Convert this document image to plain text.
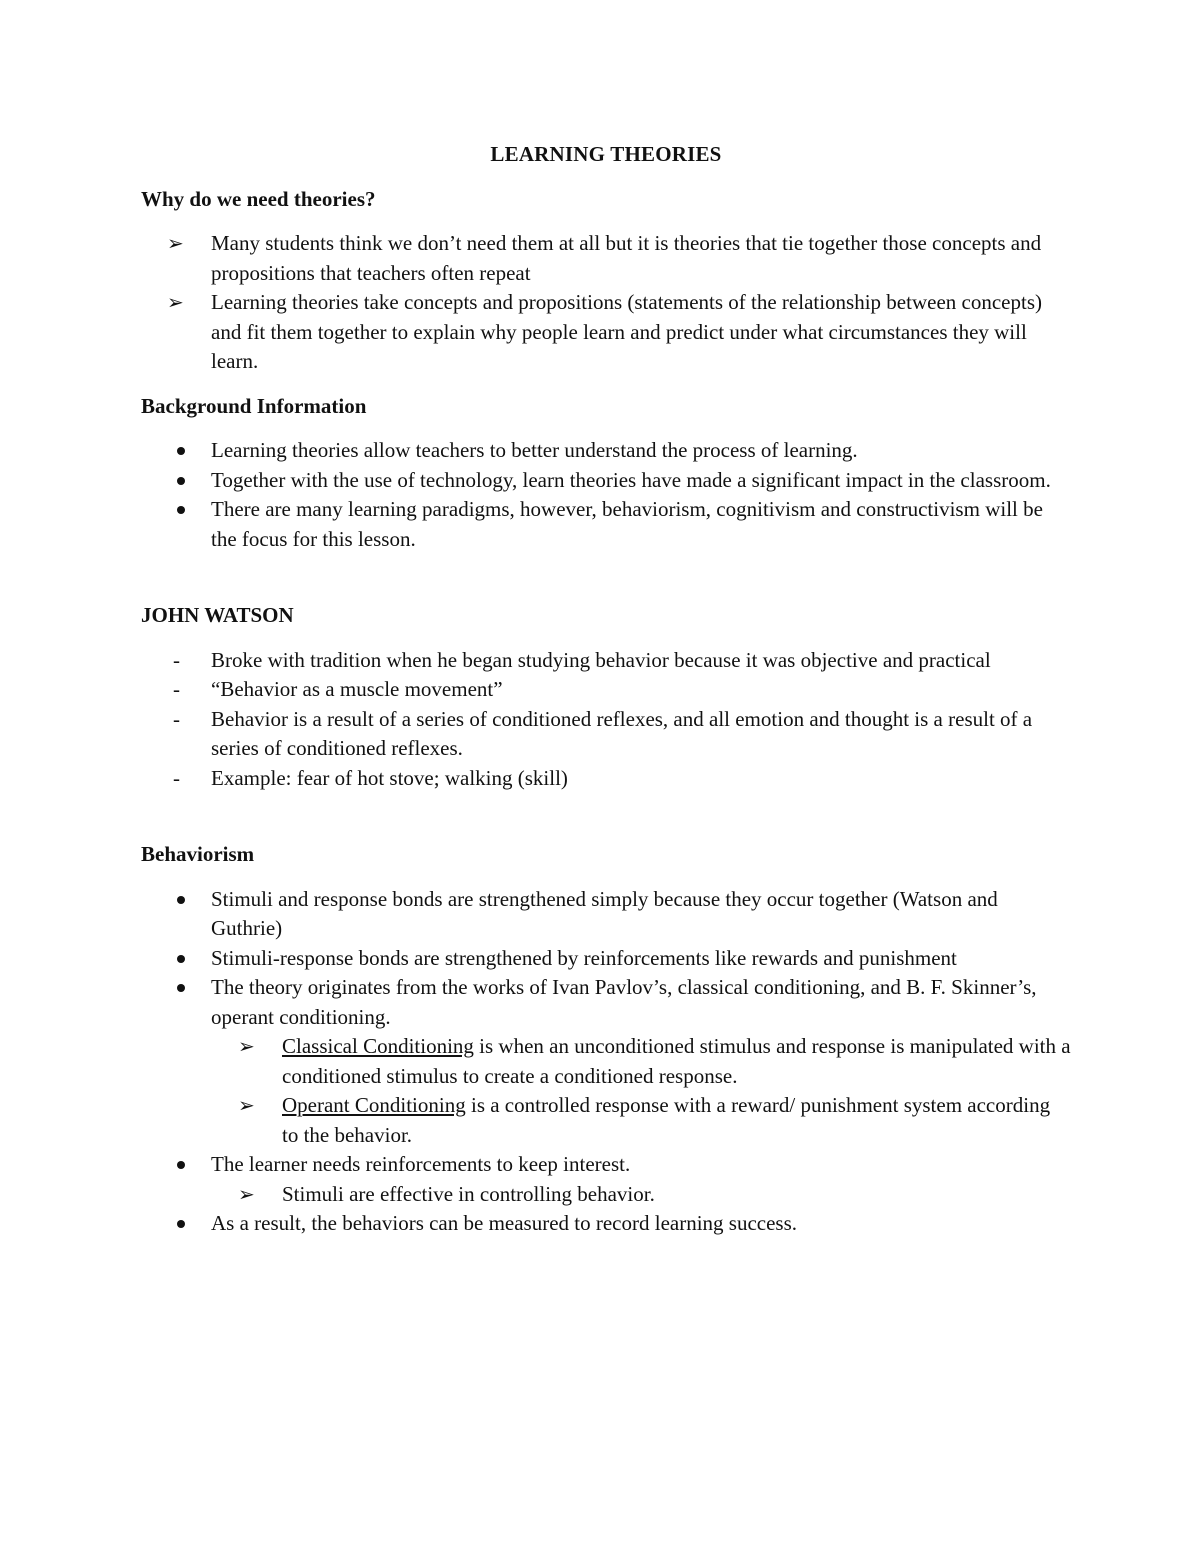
LEARNING THEORIES
Why do we need theories?
➢ Many students think we don’t need them at all but it is theories that tie together those concepts and propositions that teachers often repeat
➢ Learning theories take concepts and propositions (statements of the relationship between concepts) and fit them together to explain why people learn and predict under what circumstances they will learn.
Background Information
Learning theories allow teachers to better understand the process of learning.
Together with the use of technology, learn theories have made a significant impact in the classroom.
There are many learning paradigms, however, behaviorism, cognitivism and constructivism will be the focus for this lesson.
JOHN WATSON
- Broke with tradition when he began studying behavior because it was objective and practical
- “Behavior as a muscle movement”
- Behavior is a result of a series of conditioned reflexes, and all emotion and thought is a result of a series of conditioned reflexes.
- Example: fear of hot stove; walking (skill)
Behaviorism
Stimuli and response bonds are strengthened simply because they occur together (Watson and Guthrie)
Stimuli-response bonds are strengthened by reinforcements like rewards and punishment
The theory originates from the works of Ivan Pavlov’s, classical conditioning, and B. F. Skinner’s, operant conditioning.
➢ Classical Conditioning is when an unconditioned stimulus and response is manipulated with a conditioned stimulus to create a conditioned response.
➢ Operant Conditioning is a controlled response with a reward/ punishment system according to the behavior.
The learner needs reinforcements to keep interest.
➢ Stimuli are effective in controlling behavior.
As a result, the behaviors can be measured to record learning success.
